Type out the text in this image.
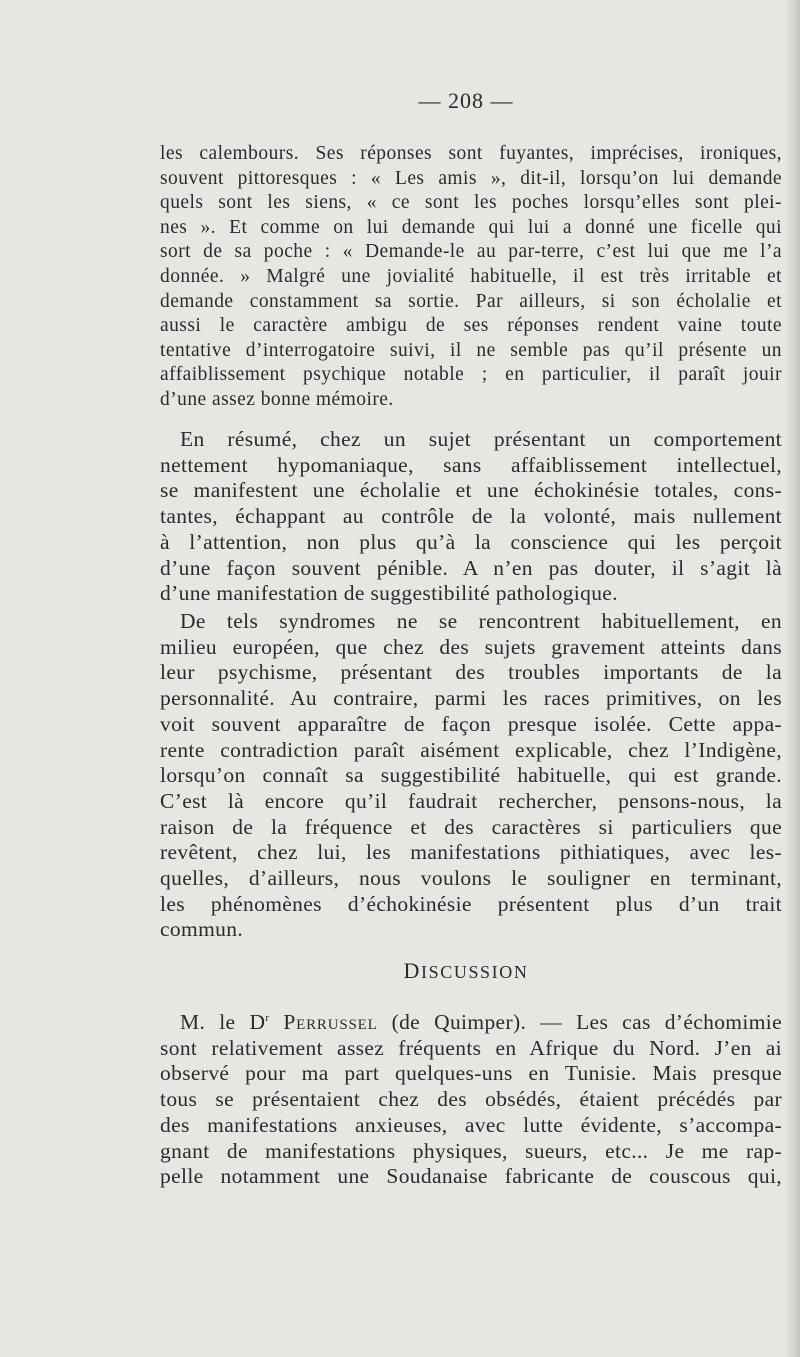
— 208 —

les calembours. Ses réponses sont fuyantes, imprécises, ironiques,

souvent pittoresques : « Les amis », dit-il, lorsqu’on lui demande

quels sont les siens, « ce sont les poches lorsqu’elles sont plei-

nes ». Et comme on lui demande qui lui a donné une ficelle qui

sort de sa poche : « Demande-le au par-terre, c’est lui que me l’a

donnée. » Malgré une jovialité habituelle, il est très irritable et

demande constamment sa sortie. Par ailleurs, si son écholalie et

aussi le caractère ambigu de ses réponses rendent vaine toute

tentative d’interrogatoire suivi, il ne semble pas qu’il présente un

affaiblissement psychique notable ; en particulier, il paraît jouir

d’une assez bonne mémoire.

En résumé, chez un sujet présentant un comportement

nettement hypomaniaque, sans affaiblissement intellectuel,

se manifestent une écholalie et une échokinésie totales, cons-

tantes, échappant au contrôle de la volonté, mais nullement

à l’attention, non plus qu’à la conscience qui les perçoit

d’une façon souvent pénible. A n’en pas douter, il s’agit là

d’une manifestation de suggestibilité pathologique.

De tels syndromes ne se rencontrent habituellement, en

milieu européen, que chez des sujets gravement atteints dans

leur psychisme, présentant des troubles importants de la

personnalité. Au contraire, parmi les races primitives, on les

voit souvent apparaître de façon presque isolée. Cette appa-

rente contradiction paraît aisément explicable, chez l’Indigène,

lorsqu’on connaît sa suggestibilité habituelle, qui est grande.

C’est là encore qu’il faudrait rechercher, pensons-nous, la

raison de la fréquence et des caractères si particuliers que

revêtent, chez lui, les manifestations pithiatiques, avec les-

quelles, d’ailleurs, nous voulons le souligner en terminant,

les phénomènes d’échokinésie présentent plus d’un trait

commun.

DISCUSSION

M. le $D^r$ Perrussel (de Quimper). — Les cas d’échomimie

sont relativement assez fréquents en Afrique du Nord. J’en ai

observé pour ma part quelques-uns en Tunisie. Mais presque

tous se présentaient chez des obsédés, étaient précédés par

des manifestations anxieuses, avec lutte évidente, s’accompa-

gnant de manifestations physiques, sueurs, etc... Je me rap-

pelle notamment une Soudanaise fabricante de couscous qui,
